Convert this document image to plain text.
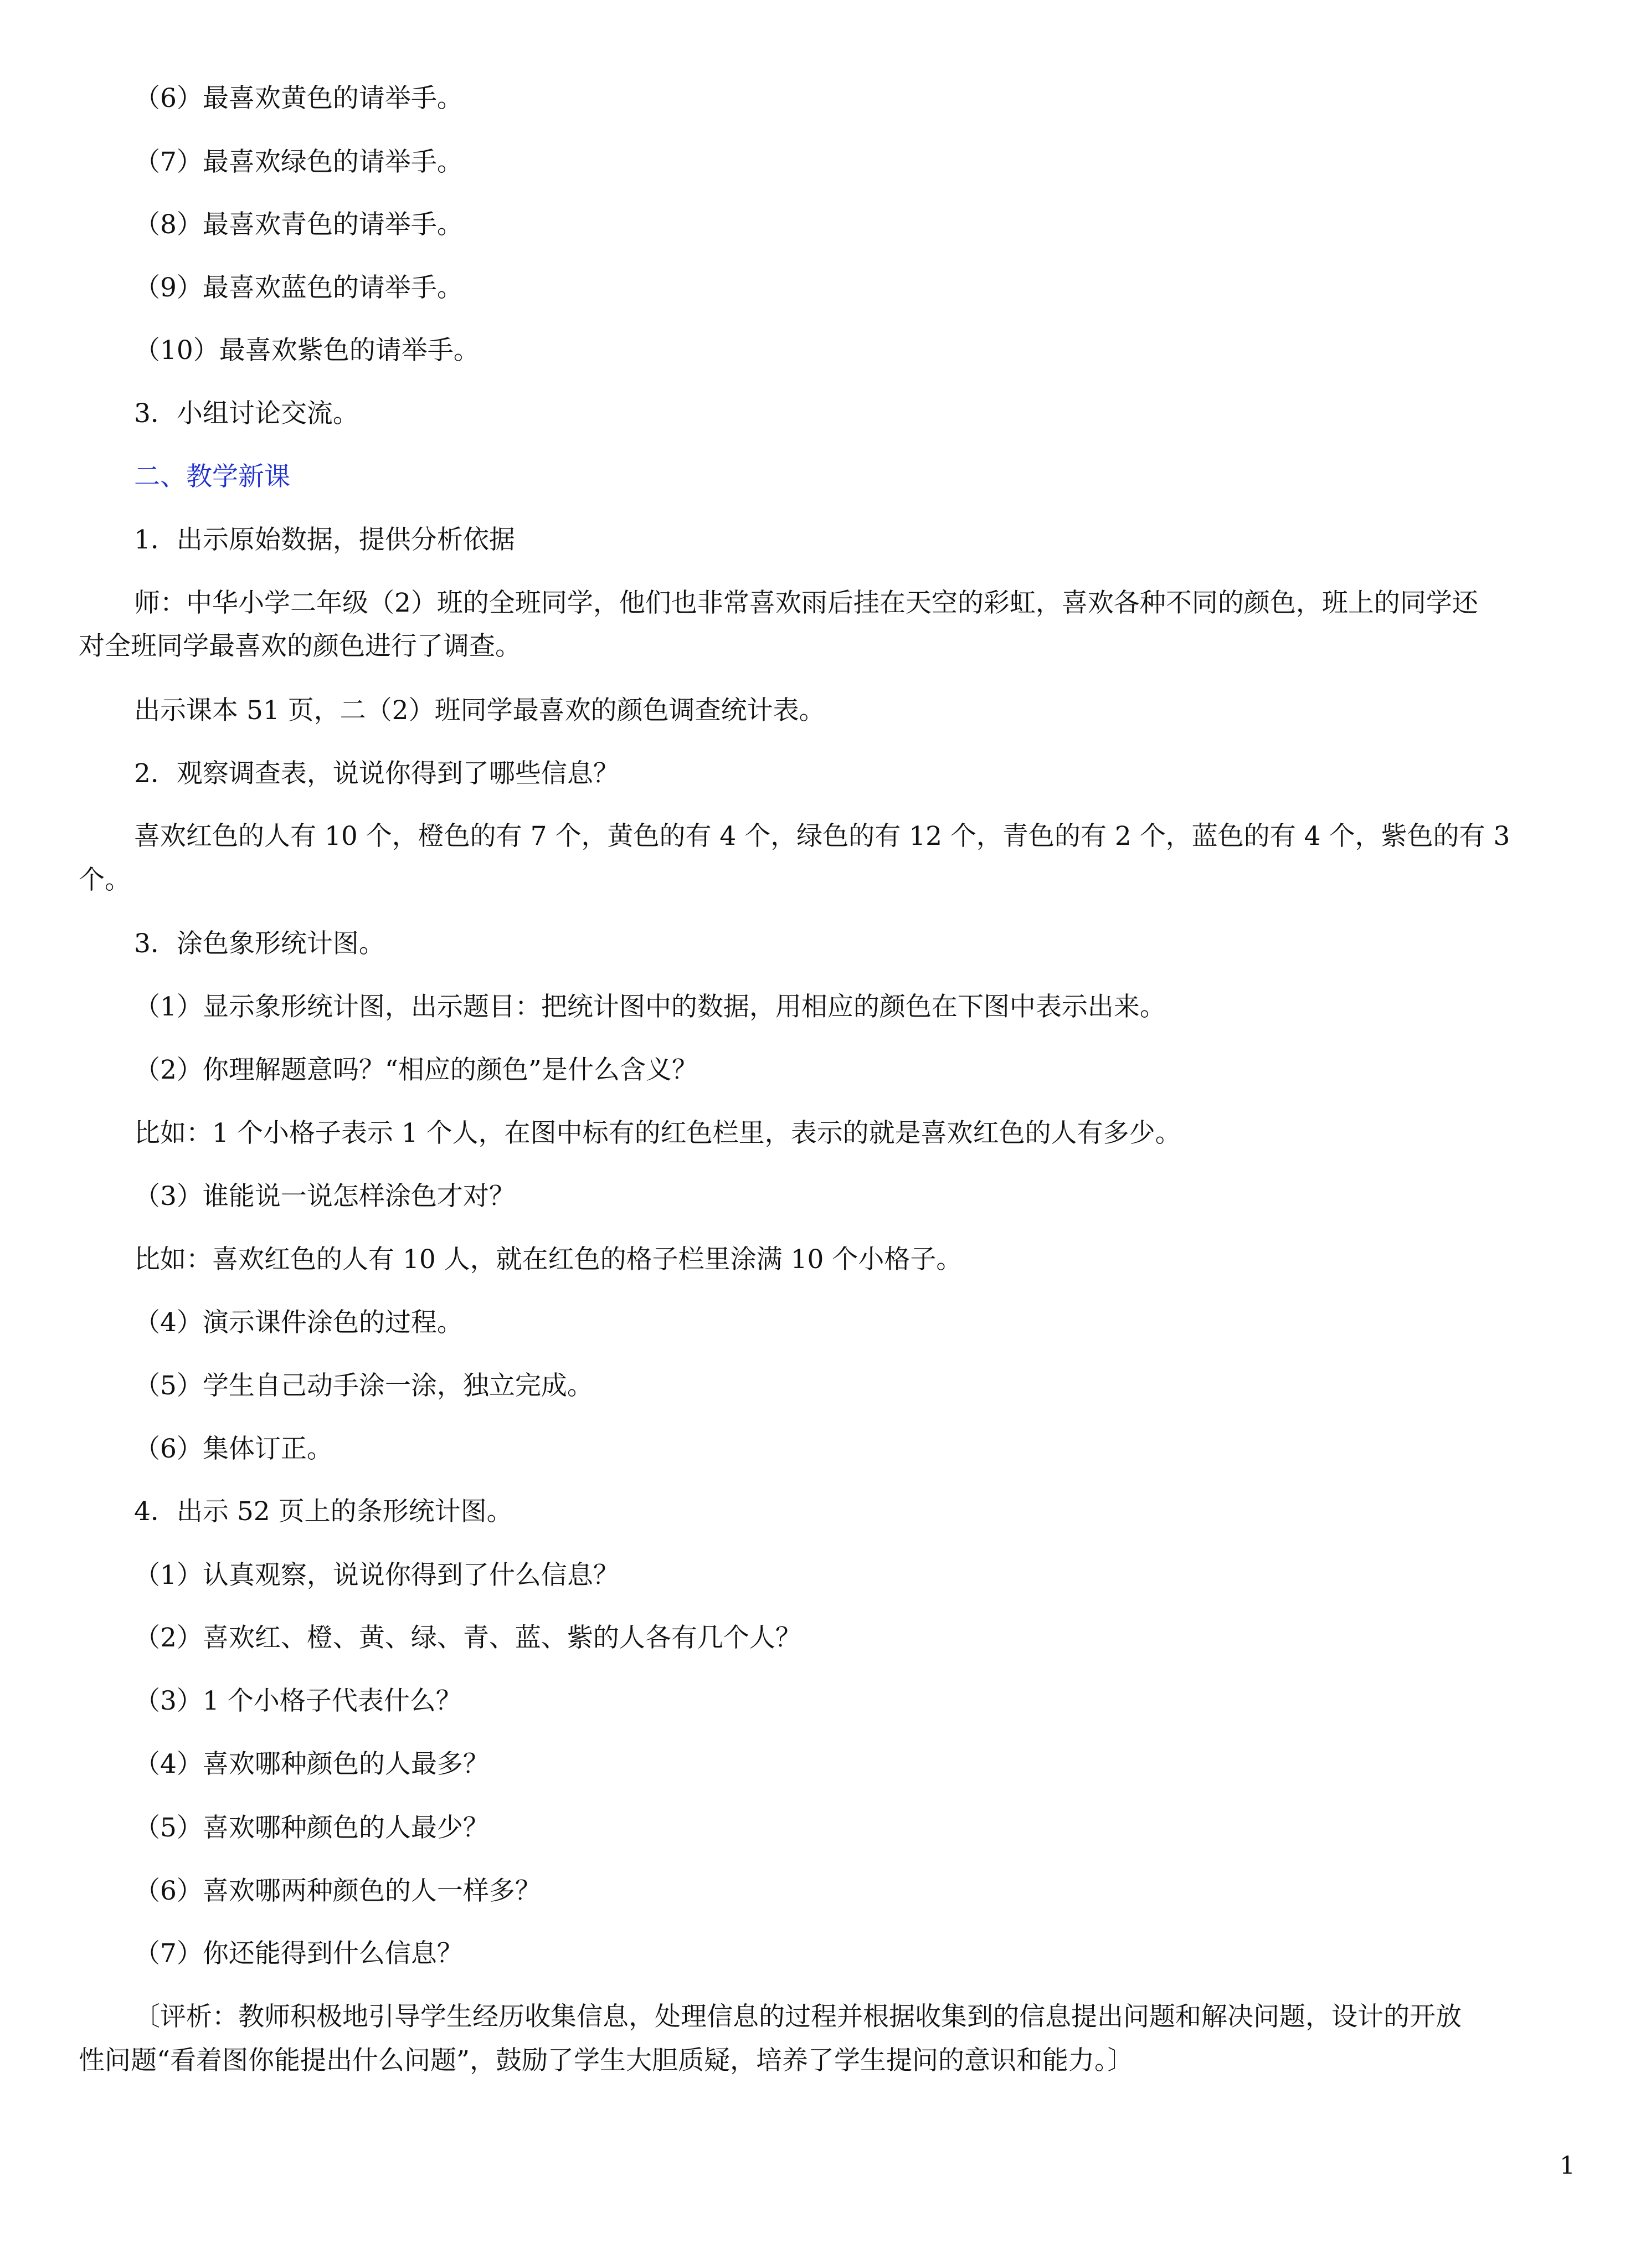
（6）最喜欢黄色的请举手。
（7）最喜欢绿色的请举手。
（8）最喜欢青色的请举手。
（9）最喜欢蓝色的请举手。
（10）最喜欢紫色的请举手。
3．小组讨论交流。
二、教学新课
1．出示原始数据，提供分析依据
师：中华小学二年级（2）班的全班同学，他们也非常喜欢雨后挂在天空的彩虹，喜欢各种不同的颜色，班上的同学还
对全班同学最喜欢的颜色进行了调查。
出示课本 51 页，二（2）班同学最喜欢的颜色调查统计表。
2．观察调查表，说说你得到了哪些信息？
喜欢红色的人有 10 个，橙色的有 7 个，黄色的有 4 个，绿色的有 12 个，青色的有 2 个，蓝色的有 4 个，紫色的有 3
个。
3．涂色象形统计图。
（1）显示象形统计图，出示题目：把统计图中的数据，用相应的颜色在下图中表示出来。
（2）你理解题意吗？“相应的颜色”是什么含义？
比如：1 个小格子表示 1 个人，在图中标有的红色栏里，表示的就是喜欢红色的人有多少。
（3）谁能说一说怎样涂色才对？
比如：喜欢红色的人有 10 人，就在红色的格子栏里涂满 10 个小格子。
（4）演示课件涂色的过程。
（5）学生自己动手涂一涂，独立完成。
（6）集体订正。
4．出示 52 页上的条形统计图。
（1）认真观察，说说你得到了什么信息？
（2）喜欢红、橙、黄、绿、青、蓝、紫的人各有几个人？
（3）1 个小格子代表什么？
（4）喜欢哪种颜色的人最多？
（5）喜欢哪种颜色的人最少？
（6）喜欢哪两种颜色的人一样多？
（7）你还能得到什么信息？
〔评析：教师积极地引导学生经历收集信息，处理信息的过程并根据收集到的信息提出问题和解决问题，设计的开放
性问题“看着图你能提出什么问题”，鼓励了学生大胆质疑，培养了学生提问的意识和能力。〕
1
